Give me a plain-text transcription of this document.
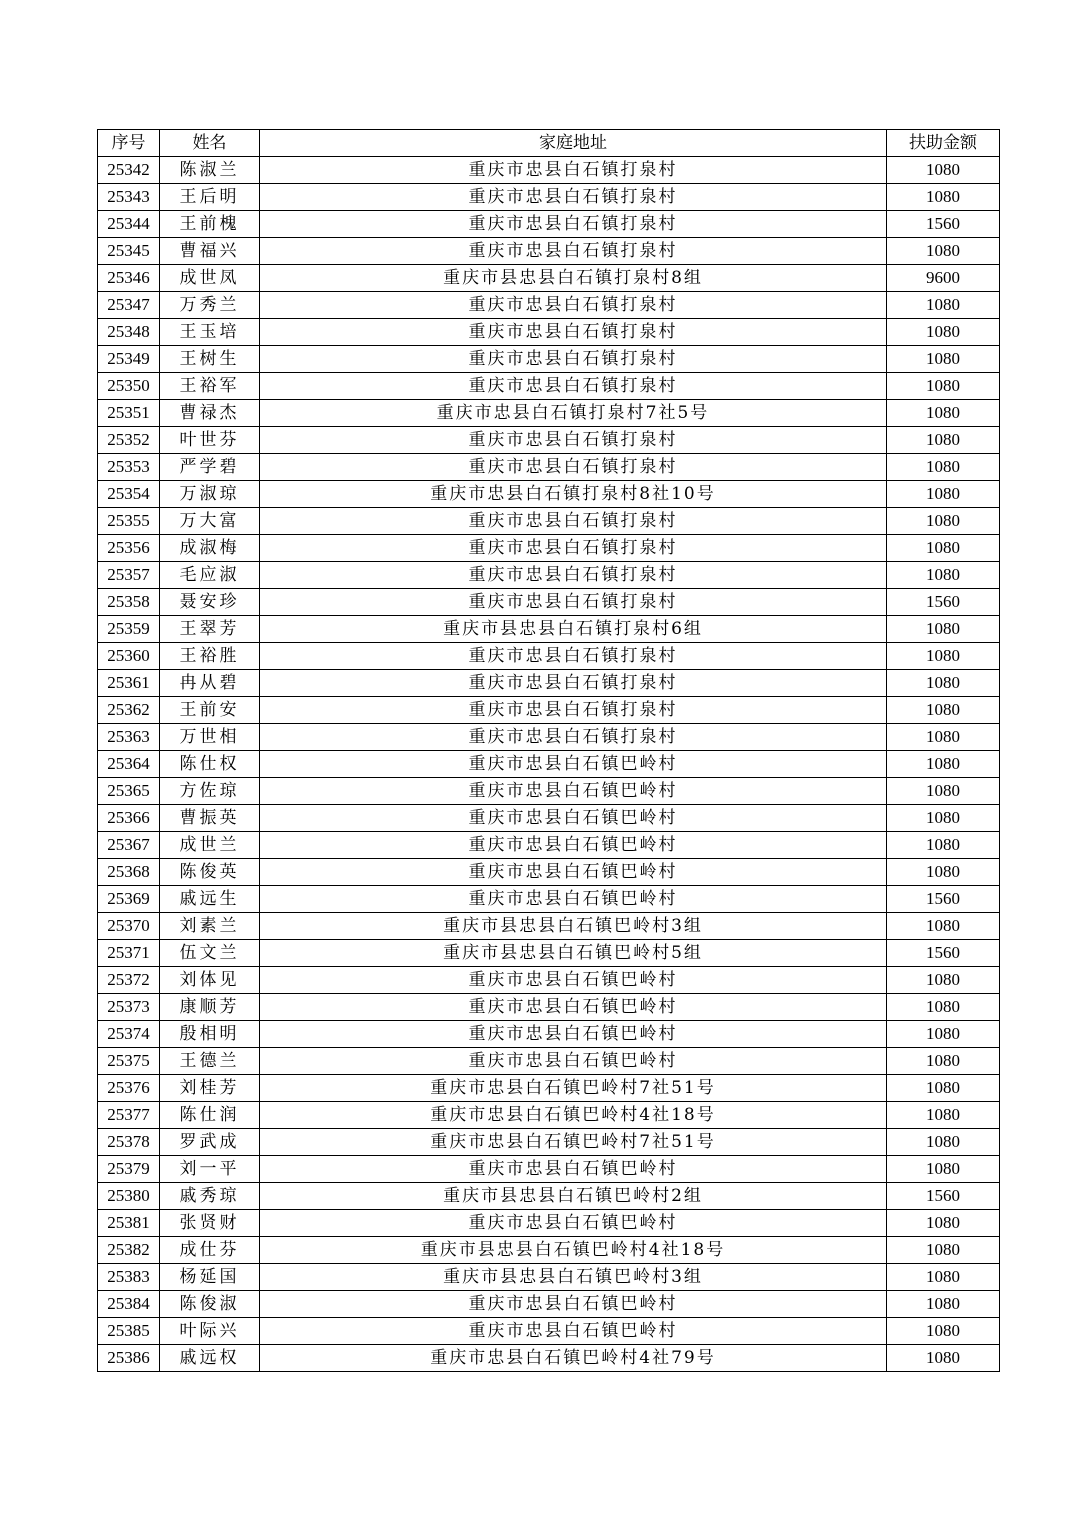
序号	姓名	家庭地址	扶助金额
25342	陈淑兰	重庆市忠县白石镇打泉村	1080
25343	王后明	重庆市忠县白石镇打泉村	1080
25344	王前槐	重庆市忠县白石镇打泉村	1560
25345	曹福兴	重庆市忠县白石镇打泉村	1080
25346	成世凤	重庆市县忠县白石镇打泉村8组	9600
25347	万秀兰	重庆市忠县白石镇打泉村	1080
25348	王玉培	重庆市忠县白石镇打泉村	1080
25349	王树生	重庆市忠县白石镇打泉村	1080
25350	王裕军	重庆市忠县白石镇打泉村	1080
25351	曹禄杰	重庆市忠县白石镇打泉村7社5号	1080
25352	叶世芬	重庆市忠县白石镇打泉村	1080
25353	严学碧	重庆市忠县白石镇打泉村	1080
25354	万淑琼	重庆市忠县白石镇打泉村8社10号	1080
25355	万大富	重庆市忠县白石镇打泉村	1080
25356	成淑梅	重庆市忠县白石镇打泉村	1080
25357	毛应淑	重庆市忠县白石镇打泉村	1080
25358	聂安珍	重庆市忠县白石镇打泉村	1560
25359	王翠芳	重庆市县忠县白石镇打泉村6组	1080
25360	王裕胜	重庆市忠县白石镇打泉村	1080
25361	冉从碧	重庆市忠县白石镇打泉村	1080
25362	王前安	重庆市忠县白石镇打泉村	1080
25363	万世相	重庆市忠县白石镇打泉村	1080
25364	陈仕权	重庆市忠县白石镇巴岭村	1080
25365	方佐琼	重庆市忠县白石镇巴岭村	1080
25366	曹振英	重庆市忠县白石镇巴岭村	1080
25367	成世兰	重庆市忠县白石镇巴岭村	1080
25368	陈俊英	重庆市忠县白石镇巴岭村	1080
25369	戚远生	重庆市忠县白石镇巴岭村	1560
25370	刘素兰	重庆市县忠县白石镇巴岭村3组	1080
25371	伍文兰	重庆市县忠县白石镇巴岭村5组	1560
25372	刘体见	重庆市忠县白石镇巴岭村	1080
25373	康顺芳	重庆市忠县白石镇巴岭村	1080
25374	殷相明	重庆市忠县白石镇巴岭村	1080
25375	王德兰	重庆市忠县白石镇巴岭村	1080
25376	刘桂芳	重庆市忠县白石镇巴岭村7社51号	1080
25377	陈仕润	重庆市忠县白石镇巴岭村4社18号	1080
25378	罗武成	重庆市忠县白石镇巴岭村7社51号	1080
25379	刘一平	重庆市忠县白石镇巴岭村	1080
25380	戚秀琼	重庆市县忠县白石镇巴岭村2组	1560
25381	张贤财	重庆市忠县白石镇巴岭村	1080
25382	成仕芬	重庆市县忠县白石镇巴岭村4社18号	1080
25383	杨延国	重庆市县忠县白石镇巴岭村3组	1080
25384	陈俊淑	重庆市忠县白石镇巴岭村	1080
25385	叶际兴	重庆市忠县白石镇巴岭村	1080
25386	戚远权	重庆市忠县白石镇巴岭村4社79号	1080
